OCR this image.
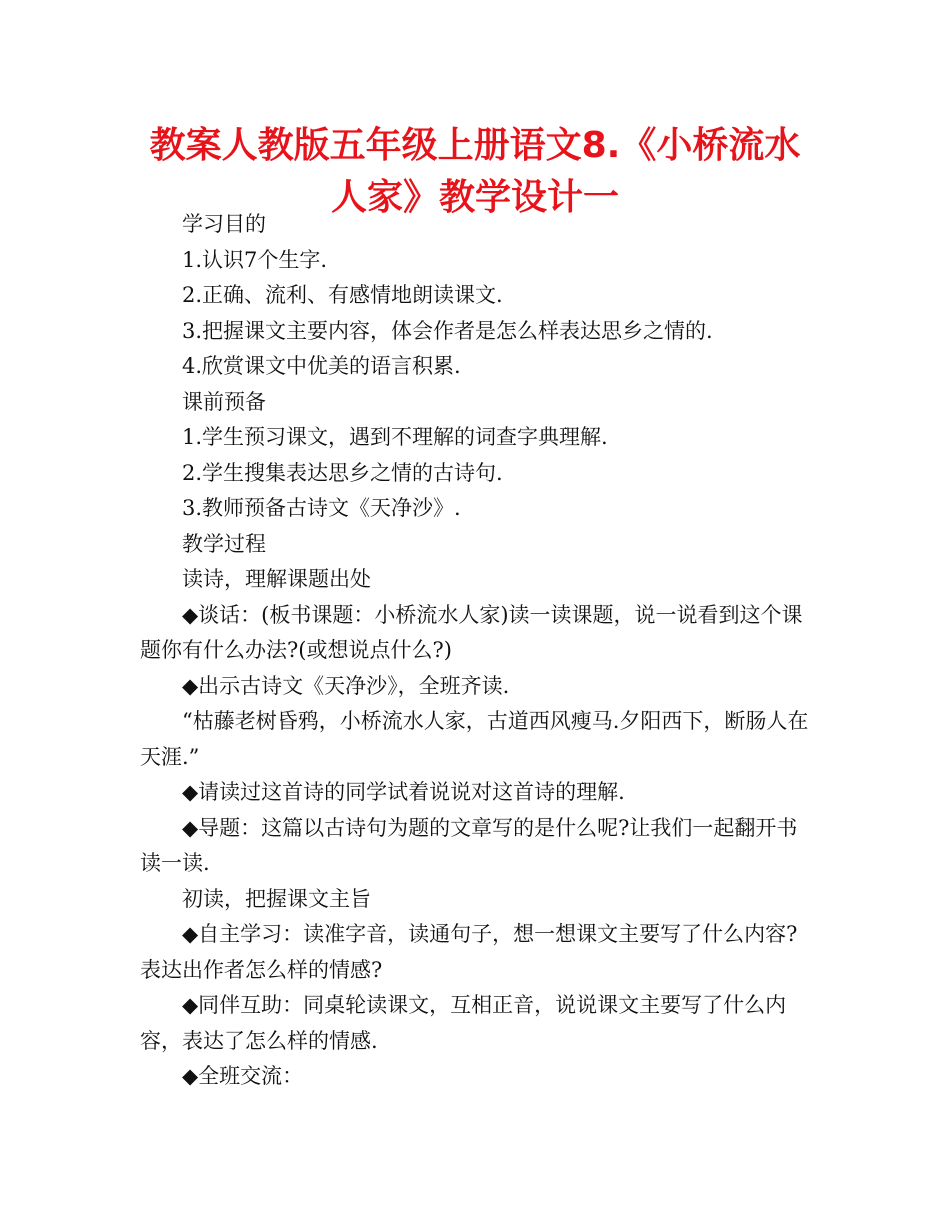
教案人教版五年级上册语文8.《小桥流水人家》教学设计一

学习目的

1.认识7个生字.

2.正确、流利、有感情地朗读课文.

3.把握课文主要内容，体会作者是怎么样表达思乡之情的.

4.欣赏课文中优美的语言积累.

课前预备

1.学生预习课文，遇到不理解的词查字典理解.

2.学生搜集表达思乡之情的古诗句.

3.教师预备古诗文《天净沙》.

教学过程

读诗，理解课题出处

◆谈话：(板书课题：小桥流水人家)读一读课题，说一说看到这个课题你有什么办法?(或想说点什么?)

◆出示古诗文《天净沙》，全班齐读.

“枯藤老树昏鸦，小桥流水人家，古道西风瘦马.夕阳西下，断肠人在天涯.”

◆请读过这首诗的同学试着说说对这首诗的理解.

◆导题：这篇以古诗句为题的文章写的是什么呢?让我们一起翻开书读一读.

初读，把握课文主旨

◆自主学习：读准字音，读通句子，想一想课文主要写了什么内容?表达出作者怎么样的情感?

◆同伴互助：同桌轮读课文，互相正音，说说课文主要写了什么内容，表达了怎么样的情感.

◆全班交流：
